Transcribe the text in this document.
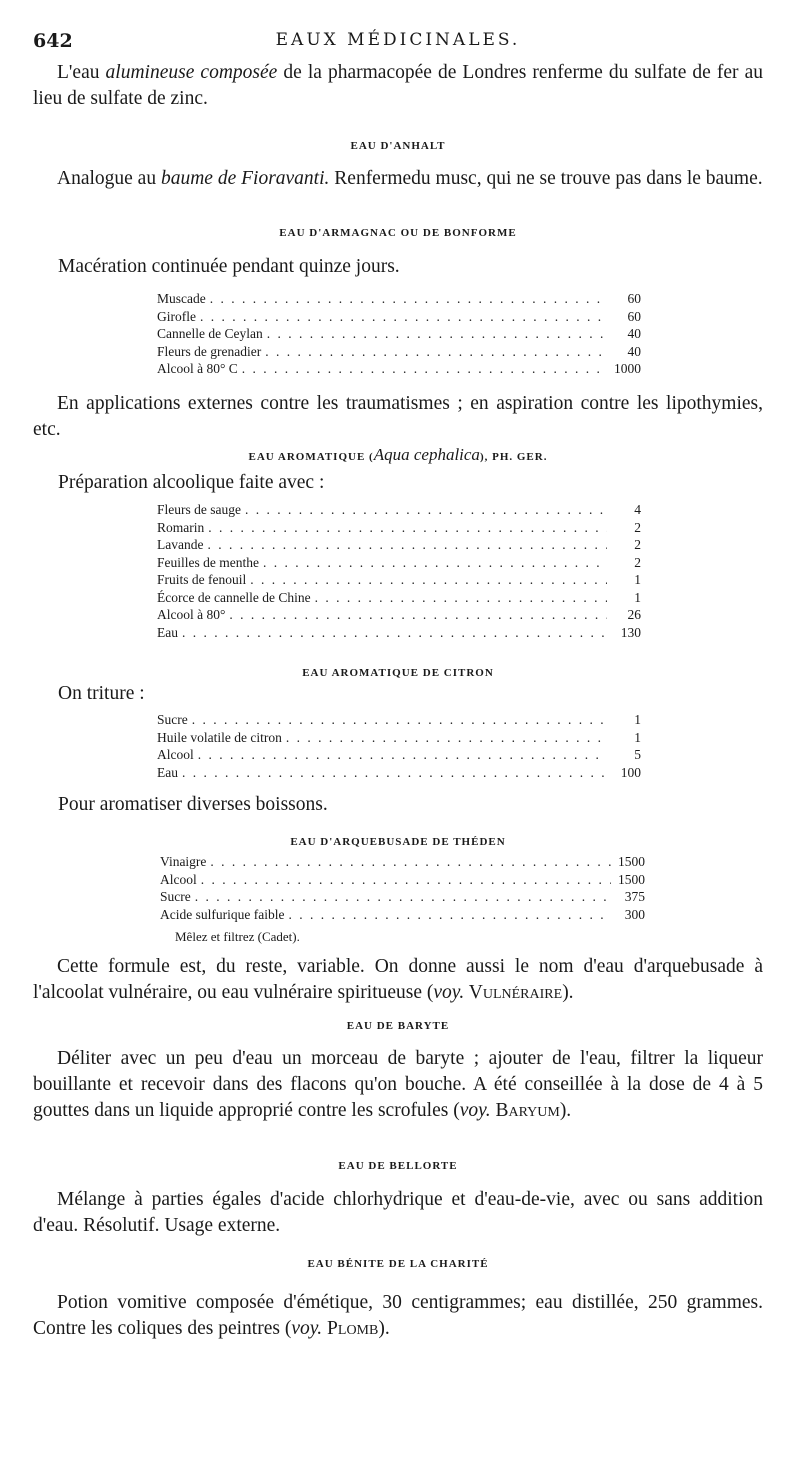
642	EAUX MÉDICINALES.

L'eau alumineuse composée de la pharmacopée de Londres renferme du sulfate de fer au lieu de sulfate de zinc.

EAU D'ANHALT

Analogue au baume de Fioravanti. Renfermedu musc, qui ne se trouve pas dans le baume.

EAU D'ARMAGNAC OU DE BONFORME

Macération continuée pendant quinze jours.

Muscade . . .	60
Girofle . . .	60
Cannelle de Ceylan . . .	40
Fleurs de grenadier . . .	40
Alcool à 80° C . . .	1000

En applications externes contre les traumatismes ; en aspiration contre les lipothymies, etc.

EAU AROMATIQUE (Aqua cephalica), PH. GER.

Préparation alcoolique faite avec :

Fleurs de sauge . . .	4
Romarin . . .	2
Lavande . . .	2
Feuilles de menthe . . .	2
Fruits de fenouil . . .	1
Écorce de cannelle de Chine . . .	1
Alcool à 80° . . .	26
Eau . . .	130
EAU AROMATIQUE DE CITRON

On triture :

Sucre . . .	1
Huile volatile de citron . . .	1
Alcool . . .	5
Eau . . .	100

Pour aromatiser diverses boissons.

EAU D'ARQUEBUSADE DE THÉDEN
Vinaigre . . .	1500
Alcool . . .	1500
Sucre . . .	375
Acide sulfurique faible . . .	300
Mêlez et filtrez (Cadet).

Cette formule est, du reste, variable. On donne aussi le nom d'eau d'arquebusade à l'alcoolat vulnéraire, ou eau vulnéraire spiritueuse (voy. Vulnéraire).

EAU DE BARYTE

Déliter avec un peu d'eau un morceau de baryte ; ajouter de l'eau, filtrer la liqueur bouillante et recevoir dans des flacons qu'on bouche. A été conseillée à la dose de 4 à 5 gouttes dans un liquide approprié contre les scrofules (voy. Baryum).

EAU DE BELLORTE

Mélange à parties égales d'acide chlorhydrique et d'eau-de-vie, avec ou sans addition d'eau. Résolutif. Usage externe.

EAU BÉNITE DE LA CHARITÉ

Potion vomitive composée d'émétique, 30 centigrammes; eau distillée, 250 grammes. Contre les coliques des peintres (voy. Plomb).
